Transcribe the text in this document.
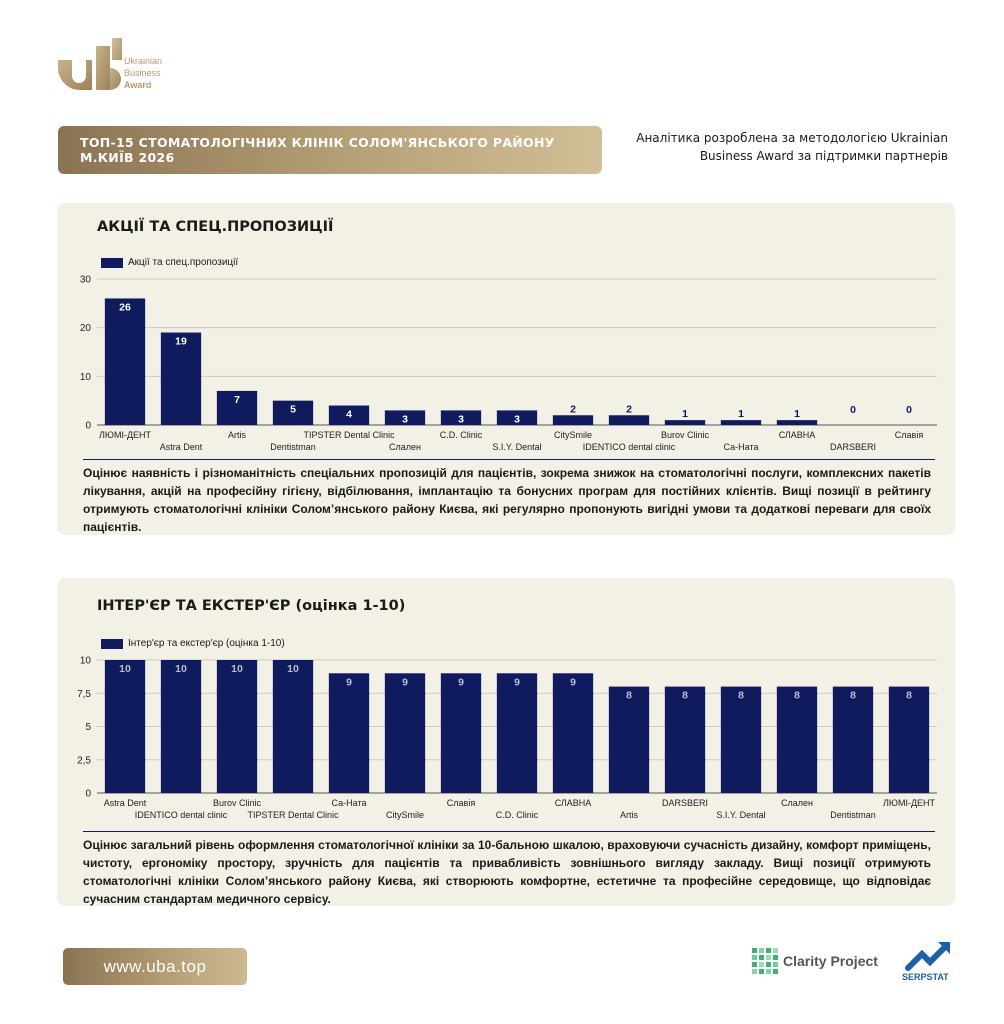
Ukrainian
Business
Award
ТОП-15 СТОМАТОЛОГІЧНИХ КЛІНІК СОЛОМ'ЯНСЬКОГО РАЙОНУ М.КИЇВ 2026
Аналітика розроблена за методологією Ukrainian
Business Award за підтримки партнерів
АКЦІЇ ТА СПЕЦ.ПРОПОЗИЦІЇ
Акції та спец.пропозиції
0
10
20
30
26
ЛЮМІ-ДЕНТ
19
Astra Dent
7
Artis
5
Dentistman
4
TIPSTER Dental Clinic
3
Слален
3
C.D. Clinic
3
S.I.Y. Dental
2
CitySmile
2
IDENTICO dental clinic
1
Burov Clinic
1
Са-Ната
1
СЛАВНА
0
DARSBERI
0
Славія
Оцінює наявність і різноманітність спеціальних пропозицій для пацієнтів, зокрема знижок на стоматологічні послуги, комплексних пакетів лікування, акцій на професійну гігієну, відбілювання, імплантацію та бонусних програм для постійних клієнтів. Вищі позиції в рейтингу отримують стоматологічні клініки Солом’янського району Києва, які регулярно пропонують вигідні умови та додаткові переваги для своїх пацієнтів.
ІНТЕР'ЄР ТА ЕКСТЕР'ЄР (оцінка 1-10)
Інтер'єр та екстер'єр (оцінка 1-10)
0
2,5
5
7,5
10
10
Astra Dent
10
IDENTICO dental clinic
10
Burov Clinic
10
TIPSTER Dental Clinic
9
Са-Ната
9
CitySmile
9
Славія
9
C.D. Clinic
9
СЛАВНА
8
Artis
8
DARSBERI
8
S.I.Y. Dental
8
Слален
8
Dentistman
8
ЛЮМІ-ДЕНТ
Оцінює загальний рівень оформлення стоматологічної клініки за 10-бальною шкалою, враховуючи сучасність дизайну, комфорт приміщень, чистоту, ергономіку простору, зручність для пацієнтів та привабливість зовнішнього вигляду закладу. Вищі позиції отримують стоматологічні клініки Солом’янського району Києва, які створюють комфортне, естетичне та професійне середовище, що відповідає сучасним стандартам медичного сервісу.
www.uba.top	Clarity Project
SERPSTAT
